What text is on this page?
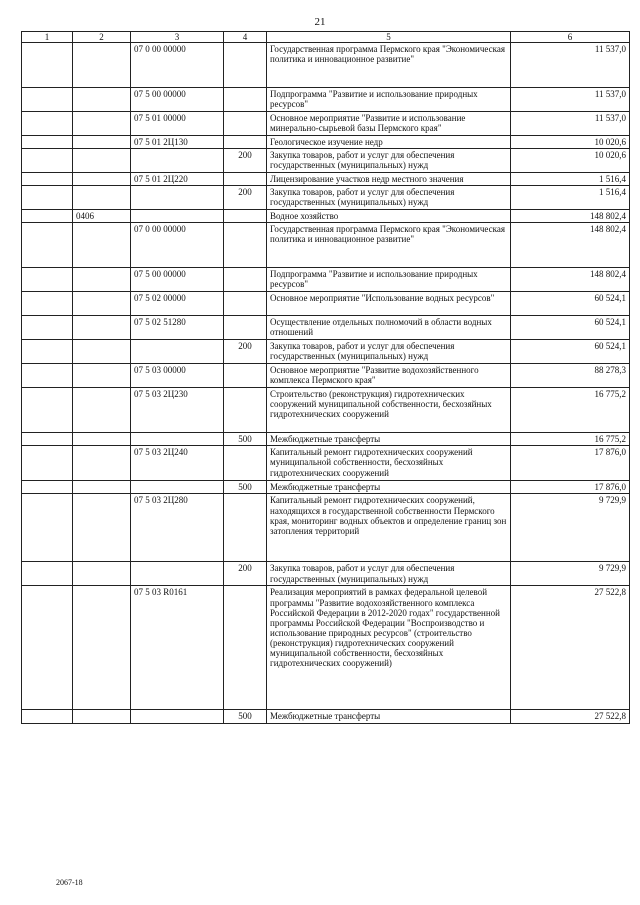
21
1	2	3	4	5	6
		07 0 00 00000		Государственная программа Пермского края "Экономическая политика и инновационное развитие"	11 537,0
		07 5 00 00000		Подпрограмма "Развитие и использование природных ресурсов"	11 537,0
		07 5 01 00000		Основное мероприятие "Развитие и использование минерально-сырьевой базы Пермского края"	11 537,0
		07 5 01 2Ц130		Геологическое изучение недр	10 020,6
			200	Закупка товаров, работ и услуг для обеспечения государственных (муниципальных) нужд	10 020,6
		07 5 01 2Ц220		Лицензирование участков недр местного значения	1 516,4
			200	Закупка товаров, работ и услуг для обеспечения государственных (муниципальных) нужд	1 516,4
	0406			Водное хозяйство	148 802,4
		07 0 00 00000		Государственная программа Пермского края "Экономическая политика и инновационное развитие"	148 802,4
		07 5 00 00000		Подпрограмма "Развитие и использование природных ресурсов"	148 802,4
		07 5 02 00000		Основное мероприятие "Использование водных ресурсов"	60 524,1
		07 5 02 51280		Осуществление отдельных полномочий в области водных отношений	60 524,1
			200	Закупка товаров, работ и услуг для обеспечения государственных (муниципальных) нужд	60 524,1
		07 5 03 00000		Основное мероприятие "Развитие водохозяйственного комплекса Пермского края"	88 278,3
		07 5 03 2Ц230		Строительство (реконструкция) гидротехнических сооружений муниципальной собственности, бесхозяйных гидротехнических сооружений	16 775,2
			500	Межбюджетные трансферты	16 775,2
		07 5 03 2Ц240		Капитальный ремонт гидротехнических сооружений муниципальной собственности, бесхозяйных гидротехнических сооружений	17 876,0
			500	Межбюджетные трансферты	17 876,0
		07 5 03 2Ц280		Капитальный ремонт гидротехнических сооружений, находящихся в государственной собственности Пермского края, мониторинг водных объектов и определение границ зон затопления территорий	9 729,9
			200	Закупка товаров, работ и услуг для обеспечения государственных (муниципальных) нужд	9 729,9
		07 5 03 R0161		Реализация мероприятий в рамках федеральной целевой программы "Развитие водохозяйственного комплекса Российской Федерации в 2012-2020 годах" государственной программы Российской Федерации "Воспроизводство и использование природных ресурсов" (строительство (реконструкция) гидротехнических сооружений муниципальной собственности, бесхозяйных гидротехнических сооружений)	27 522,8
			500	Межбюджетные трансферты	27 522,8
2067-18
